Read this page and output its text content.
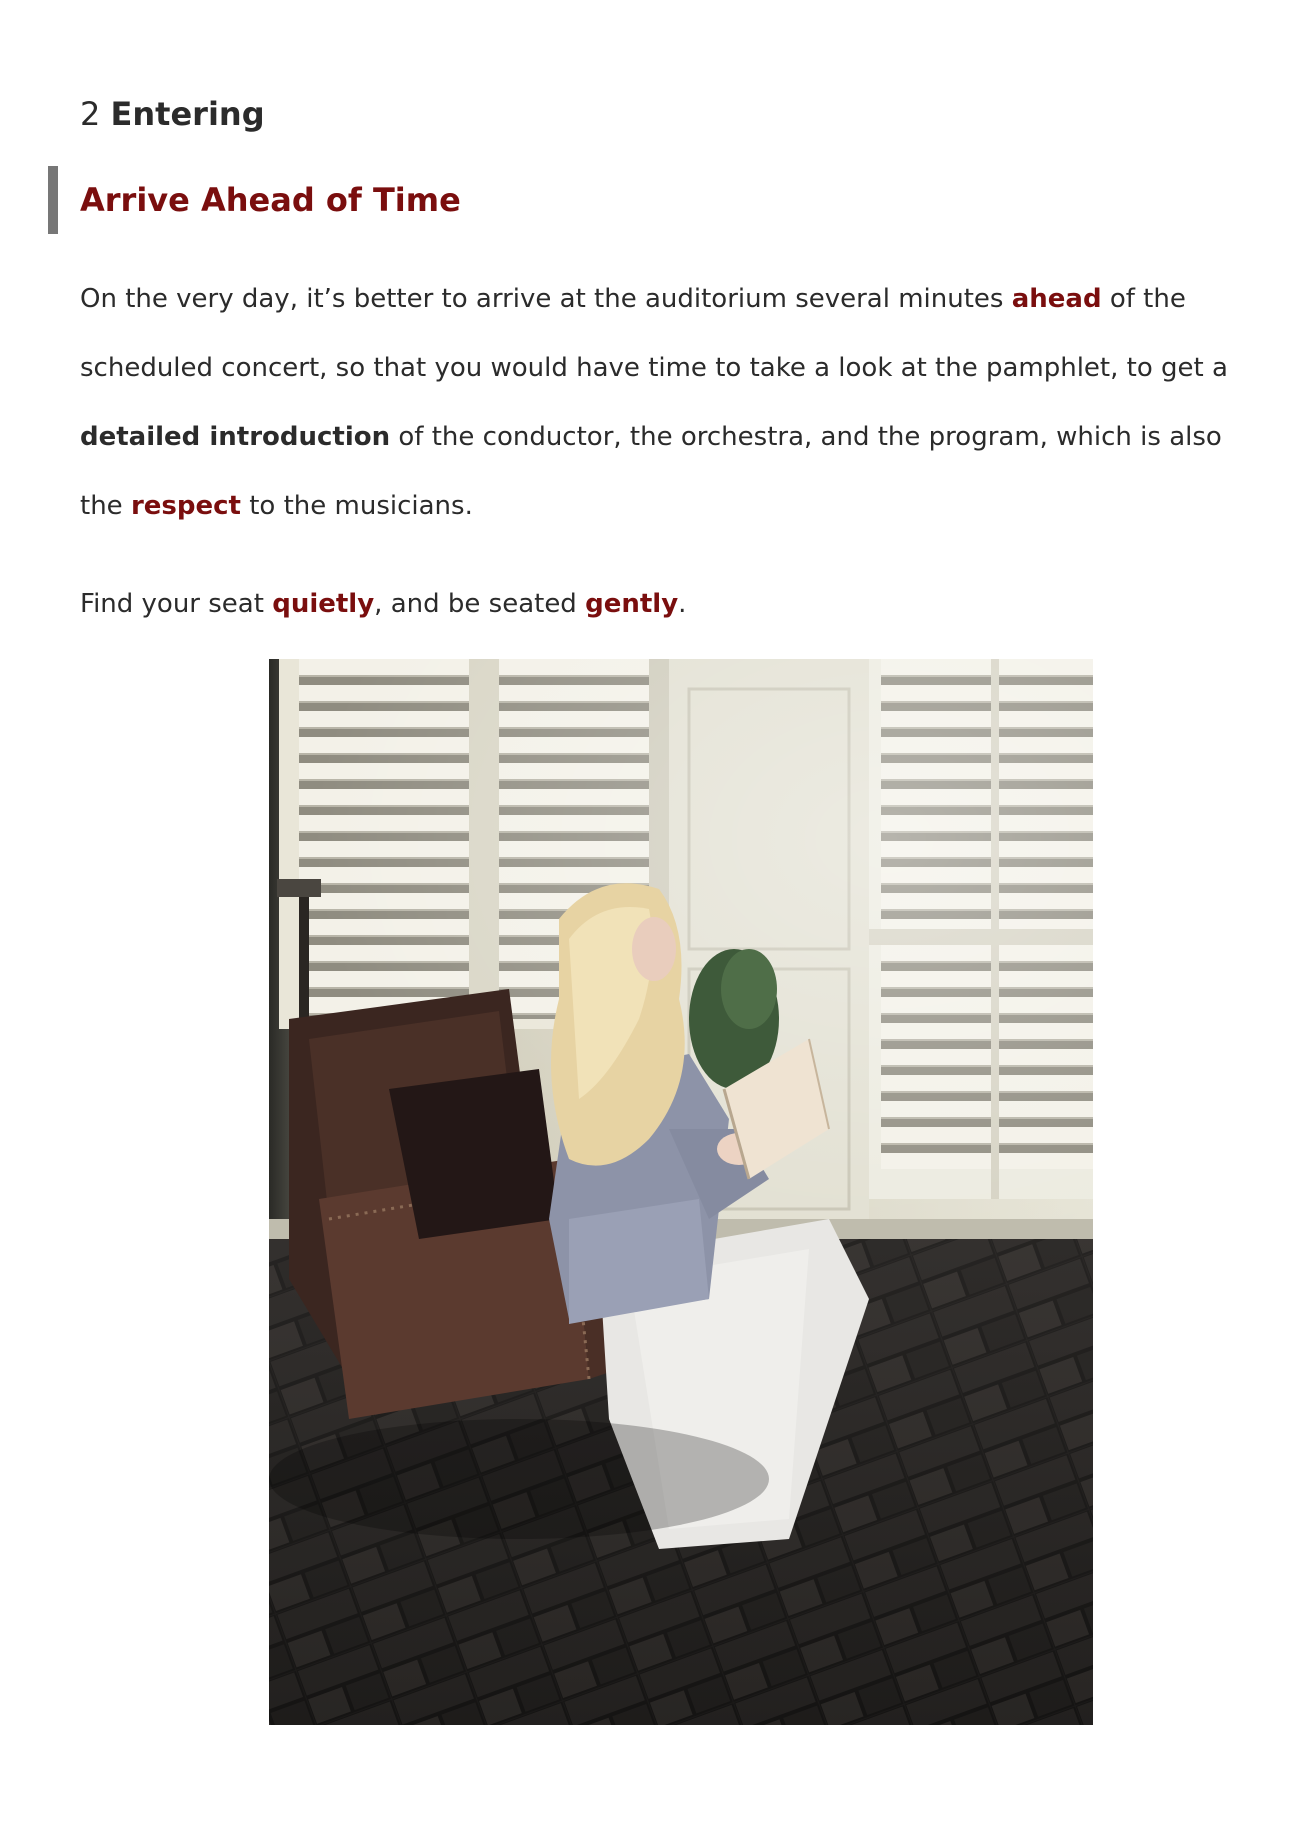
2 Entering
Arrive Ahead of Time

On the very day, it’s better to arrive at the auditorium several minutes ahead of the scheduled concert, so that you would have time to take a look at the pamphlet, to get a detailed introduction of the conductor, the orchestra, and the program, which is also the respect to the musicians.

Find your seat quietly, and be seated gently.
